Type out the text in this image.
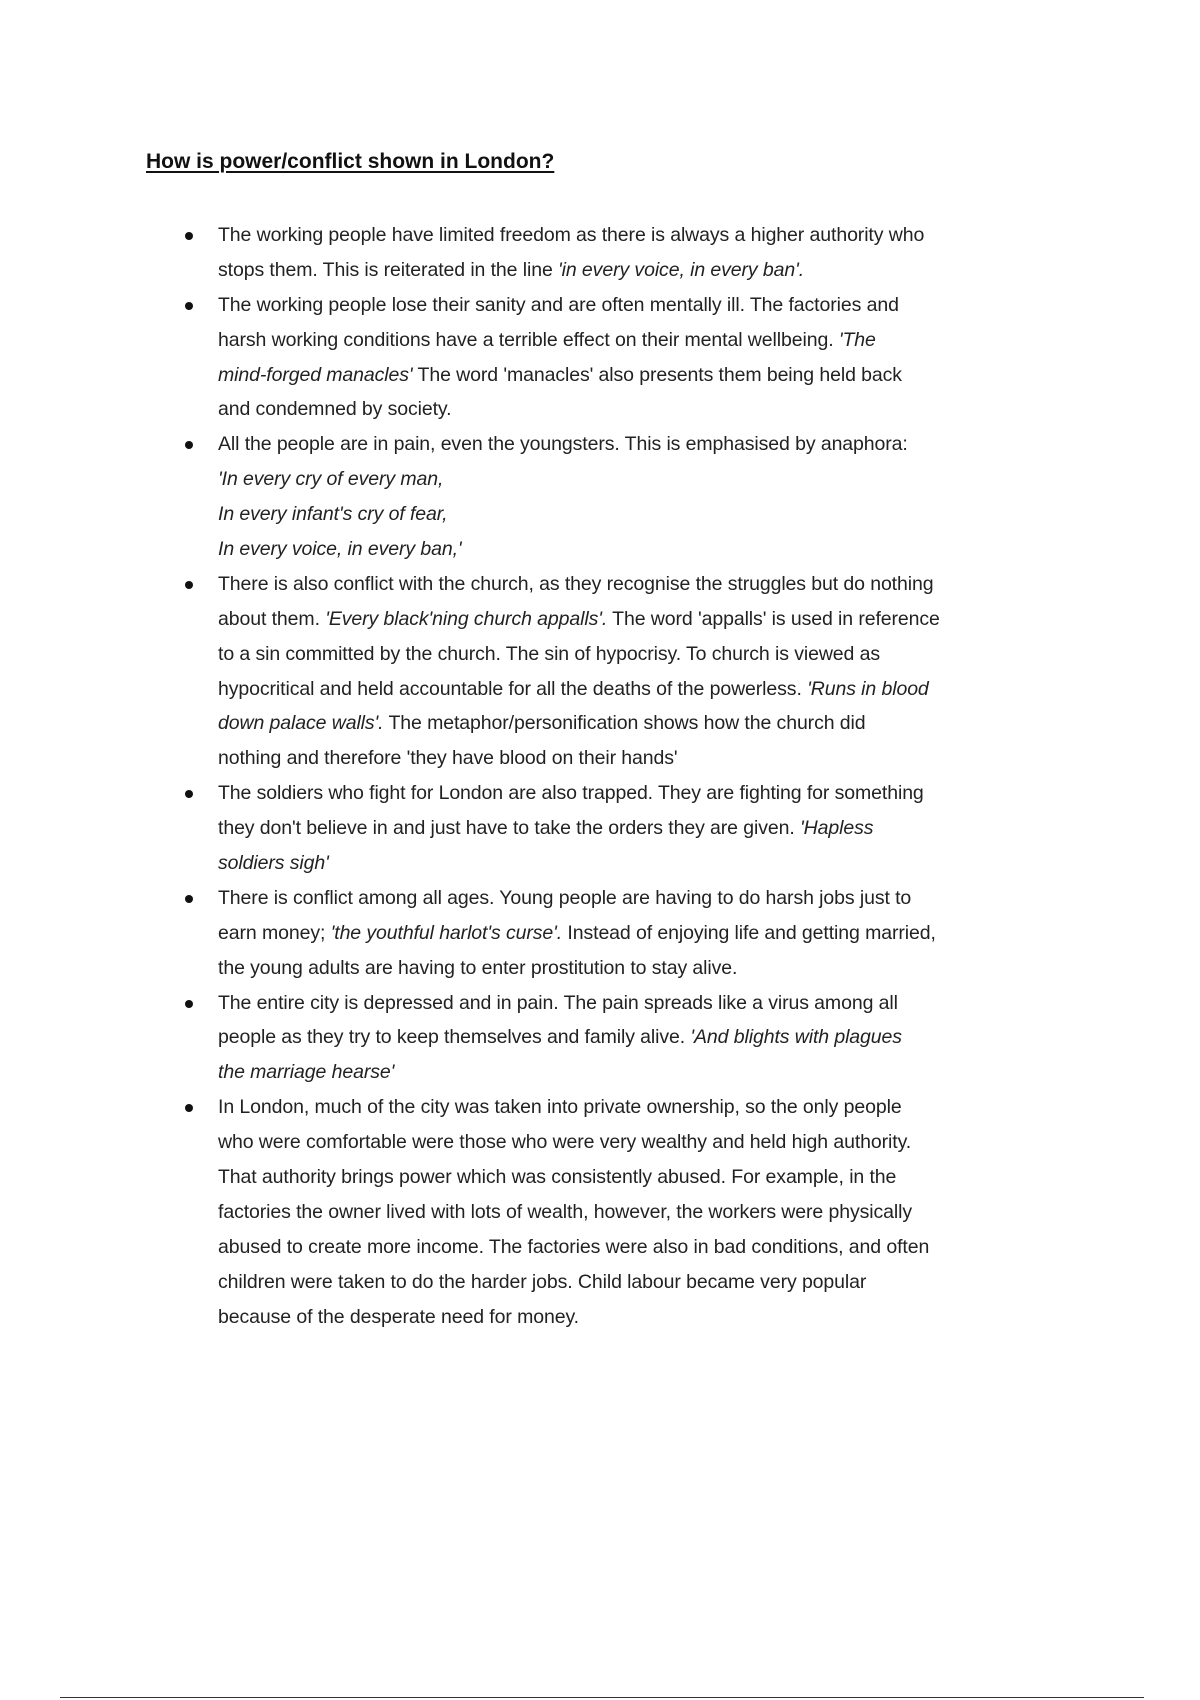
How is power/conflict shown in London?
The working people have limited freedom as there is always a higher authority who
stops them. This is reiterated in the line 'in every voice, in every ban'.
The working people lose their sanity and are often mentally ill. The factories and
harsh working conditions have a terrible effect on their mental wellbeing. 'The
mind-forged manacles' The word 'manacles' also presents them being held back
and condemned by society.
All the people are in pain, even the youngsters. This is emphasised by anaphora:
'In every cry of every man,
In every infant's cry of fear,
In every voice, in every ban,'
There is also conflict with the church, as they recognise the struggles but do nothing
about them. 'Every black'ning church appalls'. The word 'appalls' is used in reference
to a sin committed by the church. The sin of hypocrisy. To church is viewed as
hypocritical and held accountable for all the deaths of the powerless. 'Runs in blood
down palace walls'. The metaphor/personification shows how the church did
nothing and therefore 'they have blood on their hands'
The soldiers who fight for London are also trapped. They are fighting for something
they don't believe in and just have to take the orders they are given. 'Hapless
soldiers sigh'
There is conflict among all ages. Young people are having to do harsh jobs just to
earn money; 'the youthful harlot's curse'. Instead of enjoying life and getting married,
the young adults are having to enter prostitution to stay alive.
The entire city is depressed and in pain. The pain spreads like a virus among all
people as they try to keep themselves and family alive. 'And blights with plagues
the marriage hearse'
In London, much of the city was taken into private ownership, so the only people
who were comfortable were those who were very wealthy and held high authority.
That authority brings power which was consistently abused. For example, in the
factories the owner lived with lots of wealth, however, the workers were physically
abused to create more income. The factories were also in bad conditions, and often
children were taken to do the harder jobs. Child labour became very popular
because of the desperate need for money.
